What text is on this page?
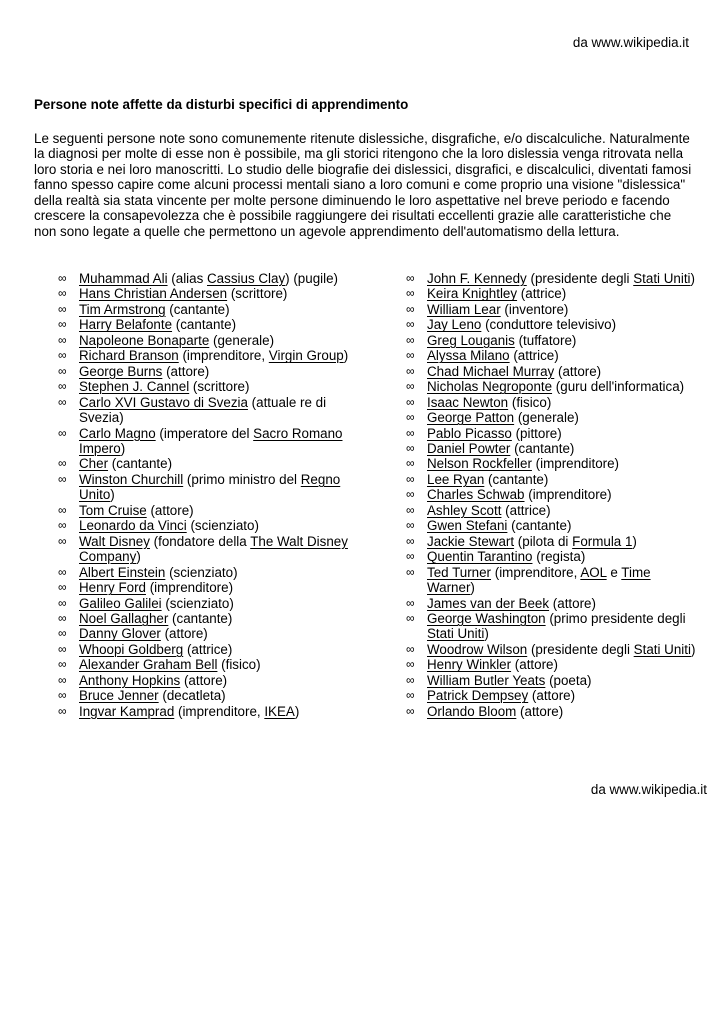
da www.wikipedia.it
Persone note affette da disturbi specifici di apprendimento
Le seguenti persone note sono comunemente ritenute dislessiche, disgrafiche, e/o discalculiche. Naturalmente la diagnosi per molte di esse non è possibile, ma gli storici ritengono che la loro dislessia venga ritrovata nella loro storia e nei loro manoscritti. Lo studio delle biografie dei dislessici, disgrafici, e discalculici, diventati famosi fanno spesso capire come alcuni processi mentali siano a loro comuni e come proprio una visione "dislessica" della realtà sia stata vincente per molte persone diminuendo le loro aspettative nel breve periodo e facendo crescere la consapevolezza che è possibile raggiungere dei risultati eccellenti grazie alle caratteristiche che non sono legate a quelle che permettono un agevole apprendimento dell'automatismo della lettura.
∞ Muhammad Ali (alias Cassius Clay) (pugile)
∞ Hans Christian Andersen (scrittore)
∞ Tim Armstrong (cantante)
∞ Harry Belafonte (cantante)
∞ Napoleone Bonaparte (generale)
∞ Richard Branson (imprenditore, Virgin Group)
∞ George Burns (attore)
∞ Stephen J. Cannel (scrittore)
∞ Carlo XVI Gustavo di Svezia (attuale re di Svezia)
∞ Carlo Magno (imperatore del Sacro Romano Impero)
∞ Cher (cantante)
∞ Winston Churchill (primo ministro del Regno Unito)
∞ Tom Cruise (attore)
∞ Leonardo da Vinci (scienziato)
∞ Walt Disney (fondatore della The Walt Disney Company)
∞ Albert Einstein (scienziato)
∞ Henry Ford (imprenditore)
∞ Galileo Galilei (scienziato)
∞ Noel Gallagher (cantante)
∞ Danny Glover (attore)
∞ Whoopi Goldberg (attrice)
∞ Alexander Graham Bell (fisico)
∞ Anthony Hopkins (attore)
∞ Bruce Jenner (decatleta)
∞ Ingvar Kamprad (imprenditore, IKEA)
∞ John F. Kennedy (presidente degli Stati Uniti)
∞ Keira Knightley (attrice)
∞ William Lear (inventore)
∞ Jay Leno (conduttore televisivo)
∞ Greg Louganis (tuffatore)
∞ Alyssa Milano (attrice)
∞ Chad Michael Murray (attore)
∞ Nicholas Negroponte (guru dell'informatica)
∞ Isaac Newton (fisico)
∞ George Patton (generale)
∞ Pablo Picasso (pittore)
∞ Daniel Powter (cantante)
∞ Nelson Rockfeller (imprenditore)
∞ Lee Ryan (cantante)
∞ Charles Schwab (imprenditore)
∞ Ashley Scott (attrice)
∞ Gwen Stefani (cantante)
∞ Jackie Stewart (pilota di Formula 1)
∞ Quentin Tarantino (regista)
∞ Ted Turner (imprenditore, AOL e Time Warner)
∞ James van der Beek (attore)
∞ George Washington (primo presidente degli Stati Uniti)
∞ Woodrow Wilson (presidente degli Stati Uniti)
∞ Henry Winkler (attore)
∞ William Butler Yeats (poeta)
∞ Patrick Dempsey (attore)
∞ Orlando Bloom (attore)
da www.wikipedia.it
